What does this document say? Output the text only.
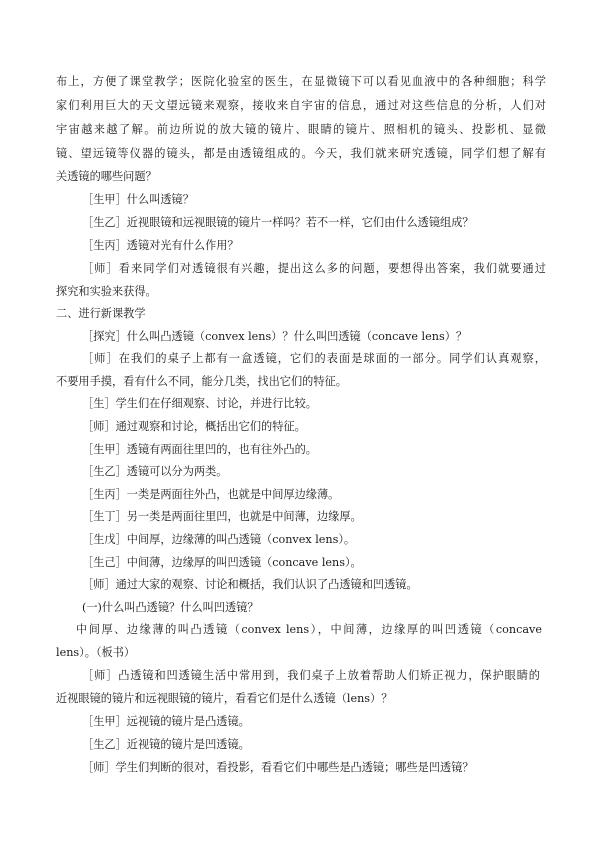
布上，方便了课堂教学；医院化验室的医生，在显微镜下可以看见血液中的各种细胞；科学
家们利用巨大的天文望远镜来观察，接收来自宇宙的信息，通过对这些信息的分析，人们对
宇宙越来越了解。前边所说的放大镜的镜片、眼睛的镜片、照相机的镜头、投影机、显微
镜、望远镜等仪器的镜头，都是由透镜组成的。今天，我们就来研究透镜，同学们想了解有
关透镜的哪些问题？
［生甲］什么叫透镜？
［生乙］近视眼镜和远视眼镜的镜片一样吗？若不一样，它们由什么透镜组成？
［生丙］透镜对光有什么作用？
［师］看来同学们对透镜很有兴趣，提出这么多的问题，要想得出答案，我们就要通过
探究和实验来获得。
二、进行新课教学
［探究］什么叫凸透镜（convex lens）？什么叫凹透镜（concave lens）？
［师］在我们的桌子上都有一盒透镜，它们的表面是球面的一部分。同学们认真观察，
不要用手摸，看有什么不同，能分几类，找出它们的特征。
［生］学生们在仔细观察、讨论，并进行比较。
［师］通过观察和讨论，概括出它们的特征。
［生甲］透镜有两面往里凹的，也有往外凸的。
［生乙］透镜可以分为两类。
［生丙］一类是两面往外凸，也就是中间厚边缘薄。
［生丁］另一类是两面往里凹，也就是中间薄，边缘厚。
［生戊］中间厚，边缘薄的叫凸透镜（convex lens）。
［生己］中间薄，边缘厚的叫凹透镜（concave lens）。
［师］通过大家的观察、讨论和概括，我们认识了凸透镜和凹透镜。
(一)什么叫凸透镜？什么叫凹透镜？
中间厚、边缘薄的叫凸透镜（convex lens），中间薄，边缘厚的叫凹透镜（concave
lens）。（板书）
［师］凸透镜和凹透镜生活中常用到，我们桌子上放着帮助人们矫正视力，保护眼睛的
近视眼镜的镜片和远视眼镜的镜片，看看它们是什么透镜（lens）？
［生甲］远视镜的镜片是凸透镜。
［生乙］近视镜的镜片是凹透镜。
［师］学生们判断的很对，看投影，看看它们中哪些是凸透镜；哪些是凹透镜？
